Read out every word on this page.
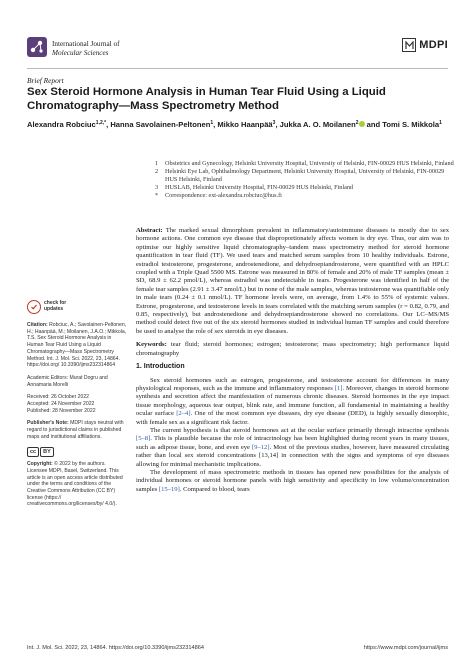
International Journal of
Molecular Sciences
MDPI
Brief Report
Sex Steroid Hormone Analysis in Human Tear Fluid Using a Liquid Chromatography—Mass Spectrometry Method
Alexandra Robciuc$^{1,2,*}$, Hanna Savolainen-Peltonen$^1$, Mikko Haanpää$^3$, Jukka A. O. Moilanen$^2$ and Tomi S. Mikkola$^1$
1	Obstetrics and Gynecology, Helsinki University Hospital, University of Helsinki, FIN-00029 HUS Helsinki, Finland
2	Helsinki Eye Lab, Ophthalmology Department, Helsinki University Hospital, University of Helsinki, FIN-00029 HUS Helsinki, Finland
3	HUSLAB, Helsinki University Hospital, FIN-00029 HUS Helsinki, Finland
*	Correspondence: ext-alexandra.robciuc@hus.fi
check for
updates
Citation: Robciuc, A.; Savolainen-Peltonen, H.; Haanpää, M.; Moilanen, J.A.O.; Mikkola, T.S. Sex Steroid Hormone Analysis in Human Tear Fluid Using a Liquid Chromatography—Mass Spectrometry Method. Int. J. Mol. Sci. 2022, 23, 14864. https://doi.org/ 10.3390/ijms232314864
Academic Editors: Murat Dogru and Annamaria Morelli
Received: 26 October 2022
Accepted: 24 November 2022
Published: 28 November 2022
Publisher's Note: MDPI stays neutral with regard to jurisdictional claims in published maps and institutional affiliations.
cc	BY
Copyright: © 2022 by the authors. Licensee MDPI, Basel, Switzerland. This article is an open access article distributed under the terms and conditions of the Creative Commons Attribution (CC BY) license (https:// creativecommons.org/licenses/by/ 4.0/).

Abstract: The marked sexual dimorphism prevalent in inflammatory/autoimmune diseases is mostly due to sex hormone actions. One common eye disease that disproportionately affects women is dry eye. Thus, our aim was to optimise our highly sensitive liquid chromatography–tandem mass spectrometry method for steroid hormone quantification in tear fluid (TF). We used tears and matched serum samples from 10 healthy individuals. Estrone, estradiol testosterone, progesterone, androstenedione, and dehydroepiandrosterone, were quantified with an HPLC coupled with a Triple Quad 5500 MS. Estrone was measured in 80% of female and 20% of male TF samples (mean ± SD, 68.9 ± 62.2 pmol/L), whereas estradiol was undetectable in tears. Progesterone was identified in half of the female tear samples (2.91 ± 3.47 nmol/L) but in none of the male samples, whereas testosterone was quantifiable only in male tears (0.24 ± 0.1 nmol/L). TF hormone levels were, on average, from 1.4% to 55% of systemic values. Estrone, progesterone, and testosterone levels in tears correlated with the matching serum samples (r = 0.82, 0.79, and 0.85, respectively), but androstenedione and dehydroepiandrosterone showed no correlations. Our LC–MS/MS method could detect five out of the six steroid hormones studied in individual human TF samples and could therefore be used to analyse the role of sex steroids in eye diseases.

Keywords: tear fluid; steroid hormones; estrogen; testosterone; mass spectrometry; high performance liquid chromatography

1. Introduction

Sex steroid hormones such as estrogen, progesterone, and testosterone account for differences in many physiological responses, such as the immune and inflammatory responses [1]. Moreover, changes in steroid hormone synthesis and secretion affect the manifestation of numerous chronic diseases. Steroid hormones in the eye impact tissue morphology, aqueous tear output, blink rate, and immune function, all fundamental in maintaining a healthy ocular surface [2–4]. One of the most common eye diseases, dry eye disease (DED), is highly sexually dimorphic, with female sex as a significant risk factor.

The current hypothesis is that steroid hormones act at the ocular surface primarily through intracrine synthesis [5–8]. This is plausible because the role of intracrinology has been highlighted during recent years in many tissues, such as adipose tissue, bone, and even eye [9–12]. Most of the previous studies, however, have measured circulating rather than local sex steroid concentrations [13,14] in connection with the signs and symptoms of eye diseases allowing for minimal mechanistic implications.

The development of mass spectrometric methods in tissues has opened new possibilities for the analysis of individual hormones or steroid hormone panels with high sensitivity and specificity in low volume/concentration samples [15–19]. Compared to blood, tears

Int. J. Mol. Sci. 2022, 23, 14864. https://doi.org/10.3390/ijms232314864	https://www.mdpi.com/journal/ijms
